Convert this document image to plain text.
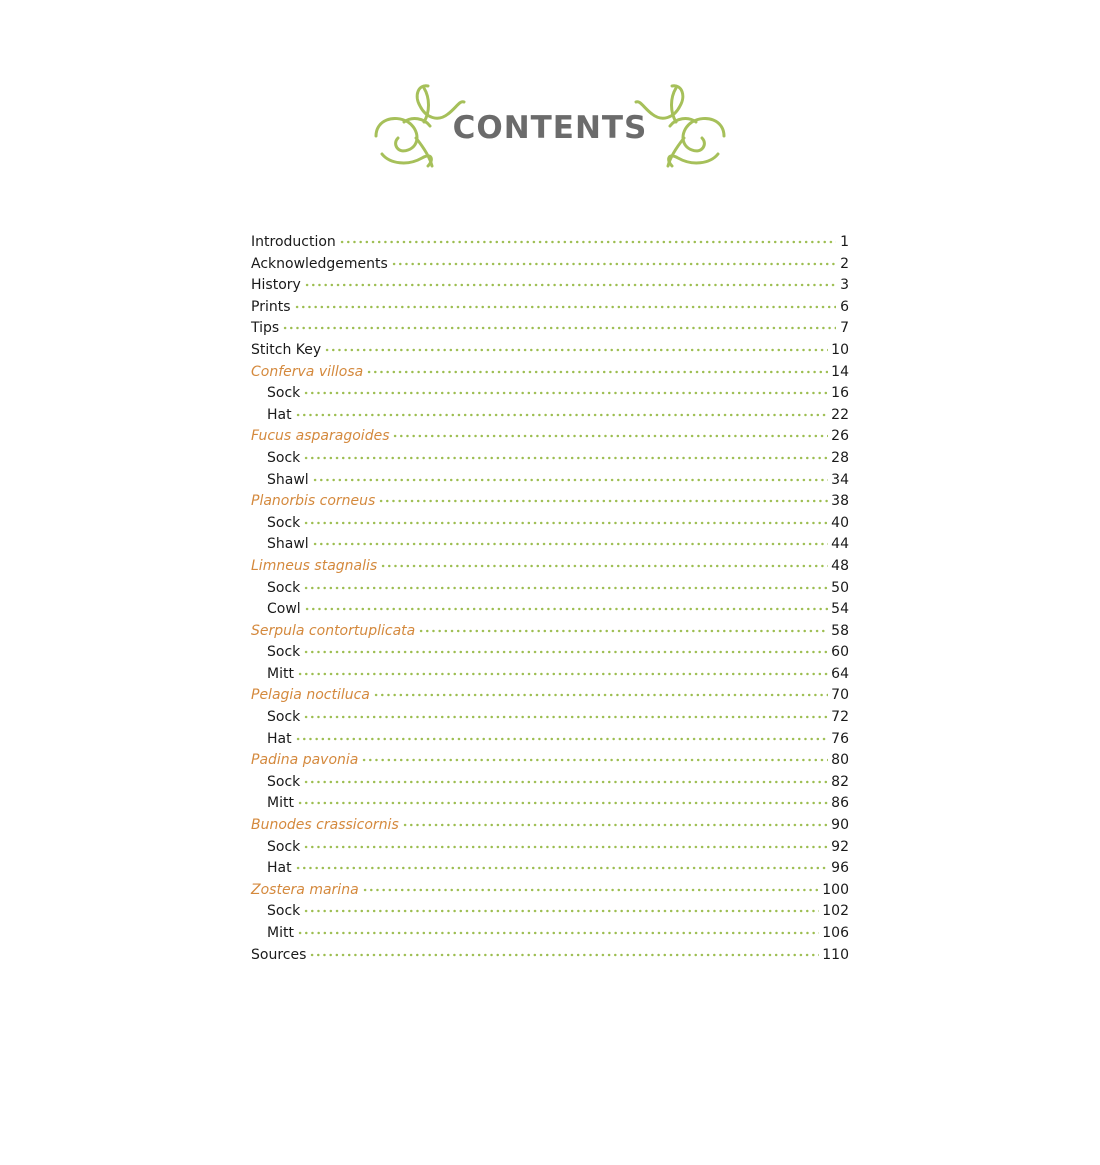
CONTENTS
Introduction	1
Acknowledgements	2
History	3
Prints	6
Tips	7
Stitch Key	10
Conferva villosa	14
Sock	16
Hat	22
Fucus asparagoides	26
Sock	28
Shawl	34
Planorbis corneus	38
Sock	40
Shawl	44
Limneus stagnalis	48
Sock	50
Cowl	54
Serpula contortuplicata	58
Sock	60
Mitt	64
Pelagia noctiluca	70
Sock	72
Hat	76
Padina pavonia	80
Sock	82
Mitt	86
Bunodes crassicornis	90
Sock	92
Hat	96
Zostera marina	100
Sock	102
Mitt	106
Sources	110
